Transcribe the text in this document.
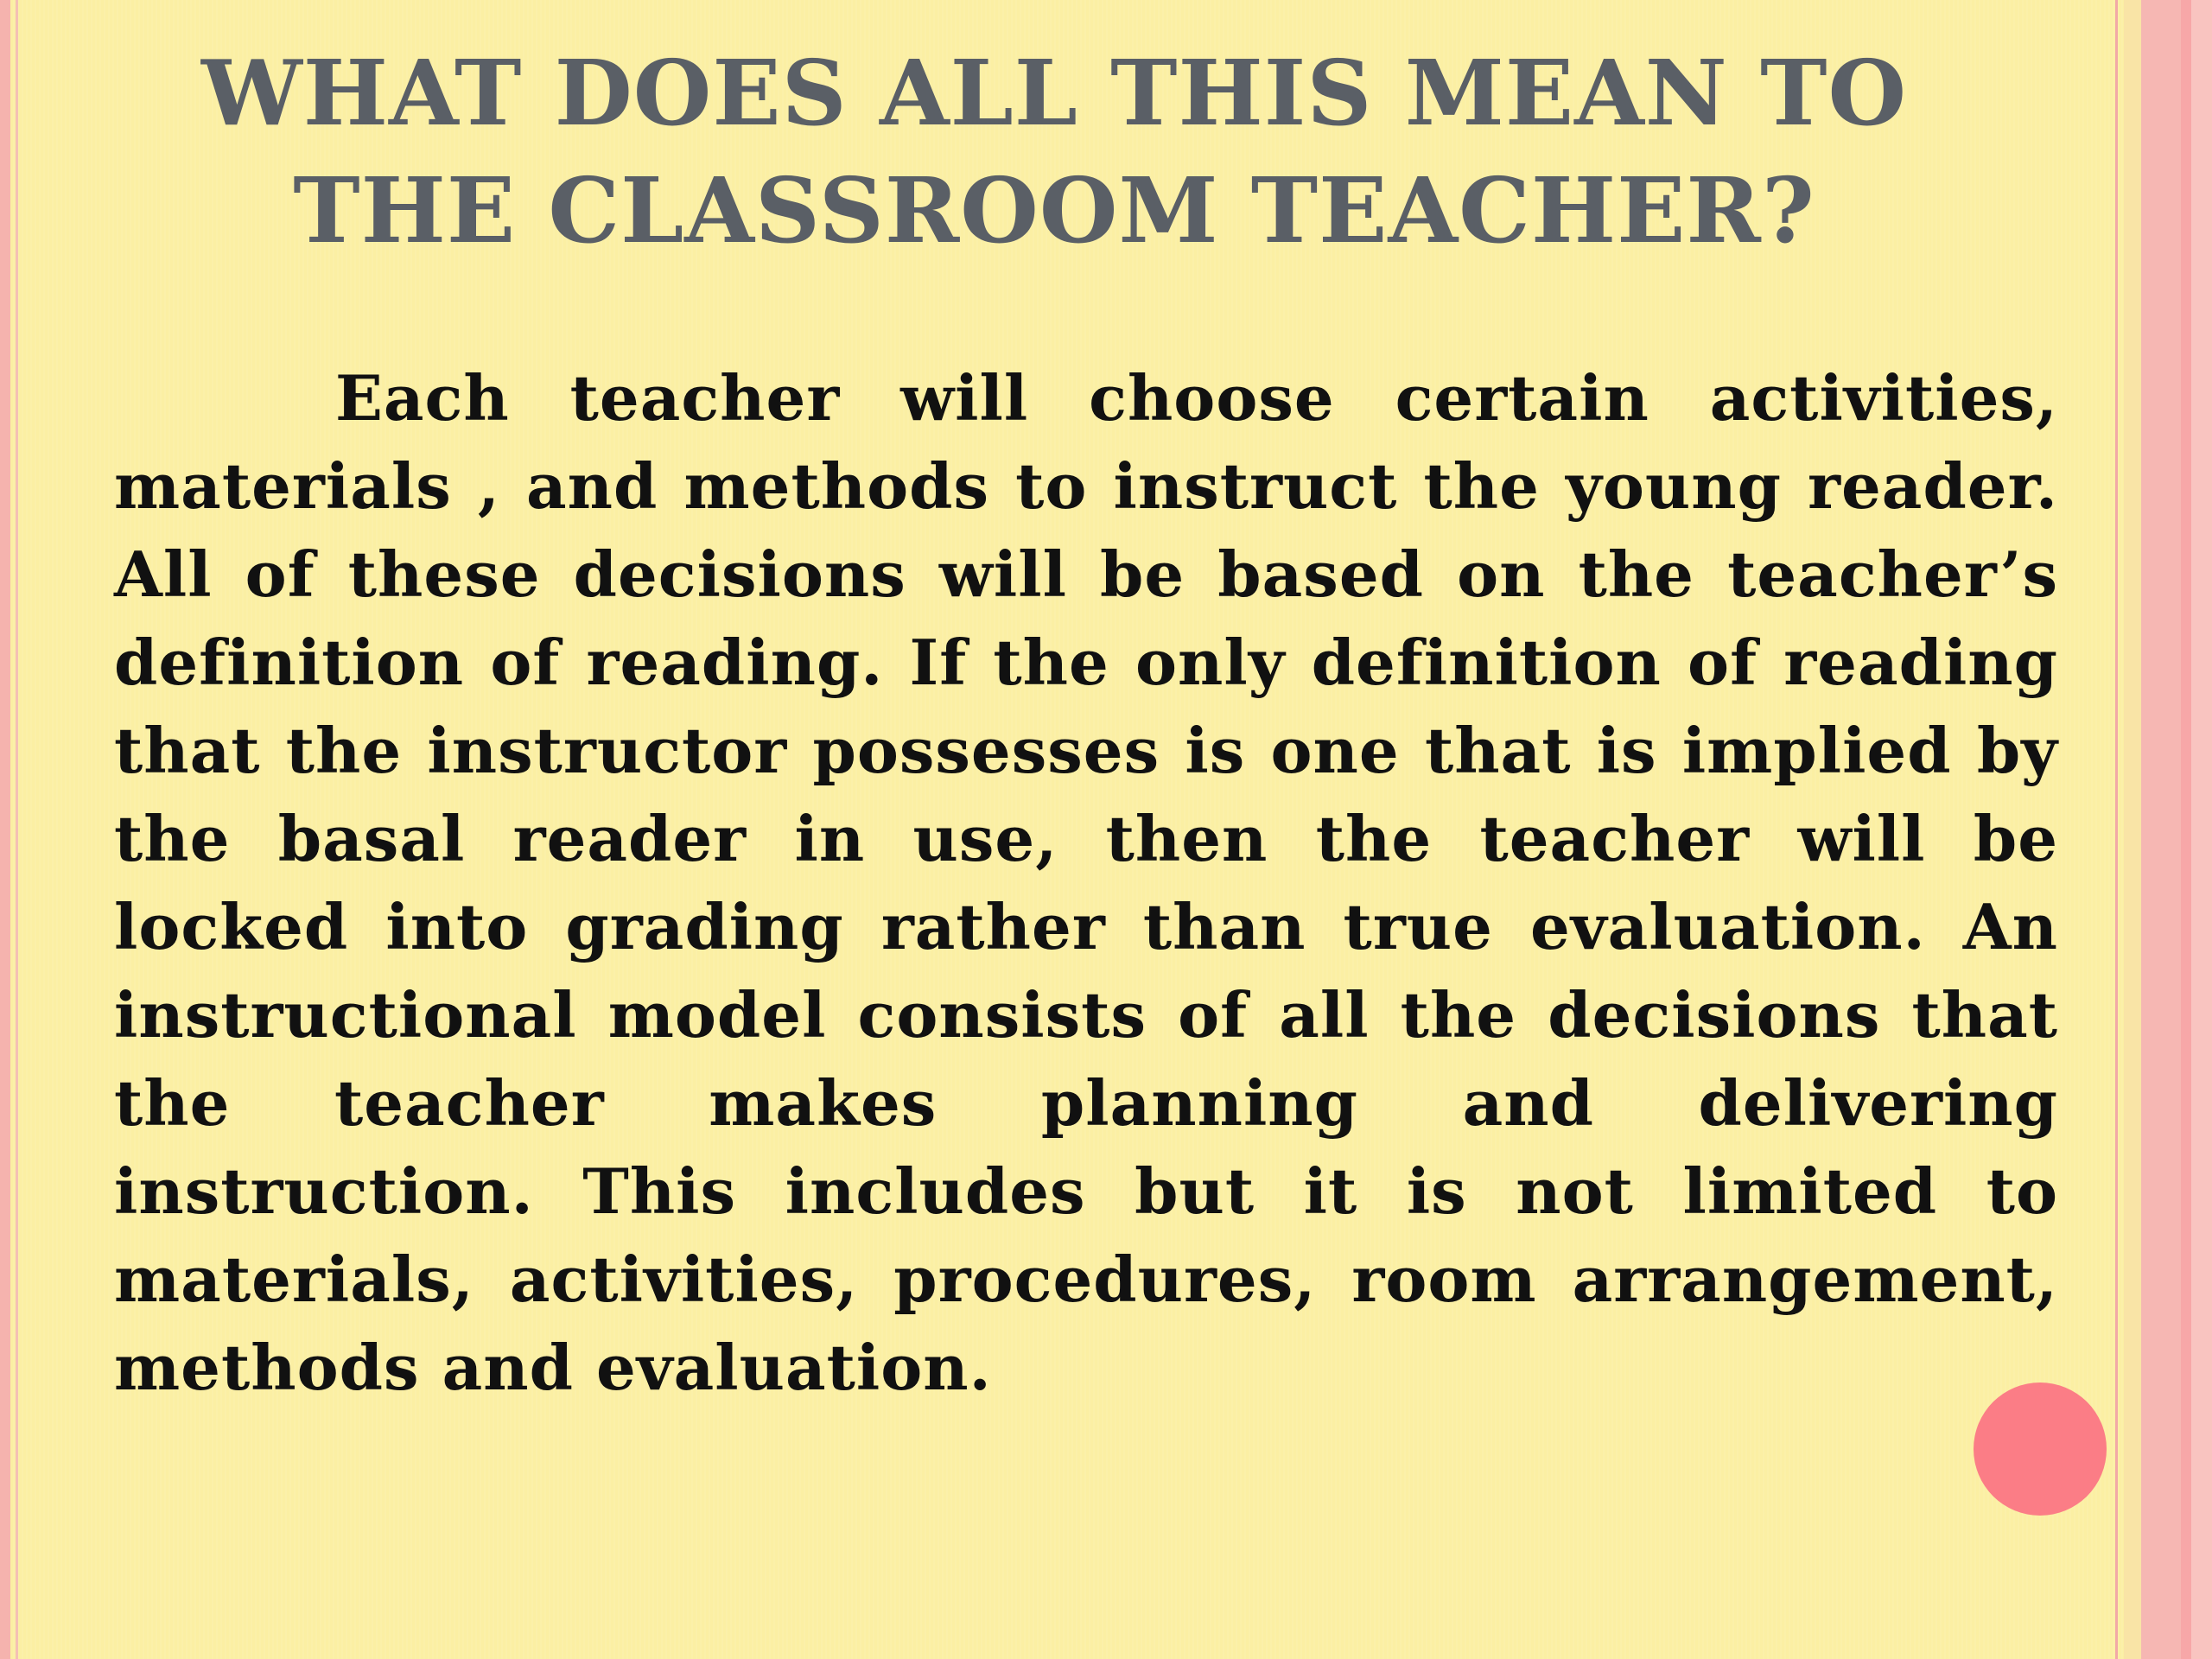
WHAT DOES ALL THIS MEAN TO THE CLASSROOM TEACHER?

Each teacher will choose certain activities, materials , and methods to instruct the young reader. All of these decisions will be based on the teacher’s definition of reading. If the only definition of reading that the instructor possesses is one that is implied by the basal reader in use, then the teacher will be locked into grading rather than true evaluation. An instructional model consists of all the decisions that the teacher makes planning and delivering instruction. This includes but it is not limited to materials, activities, procedures, room arrangement, methods and evaluation.
